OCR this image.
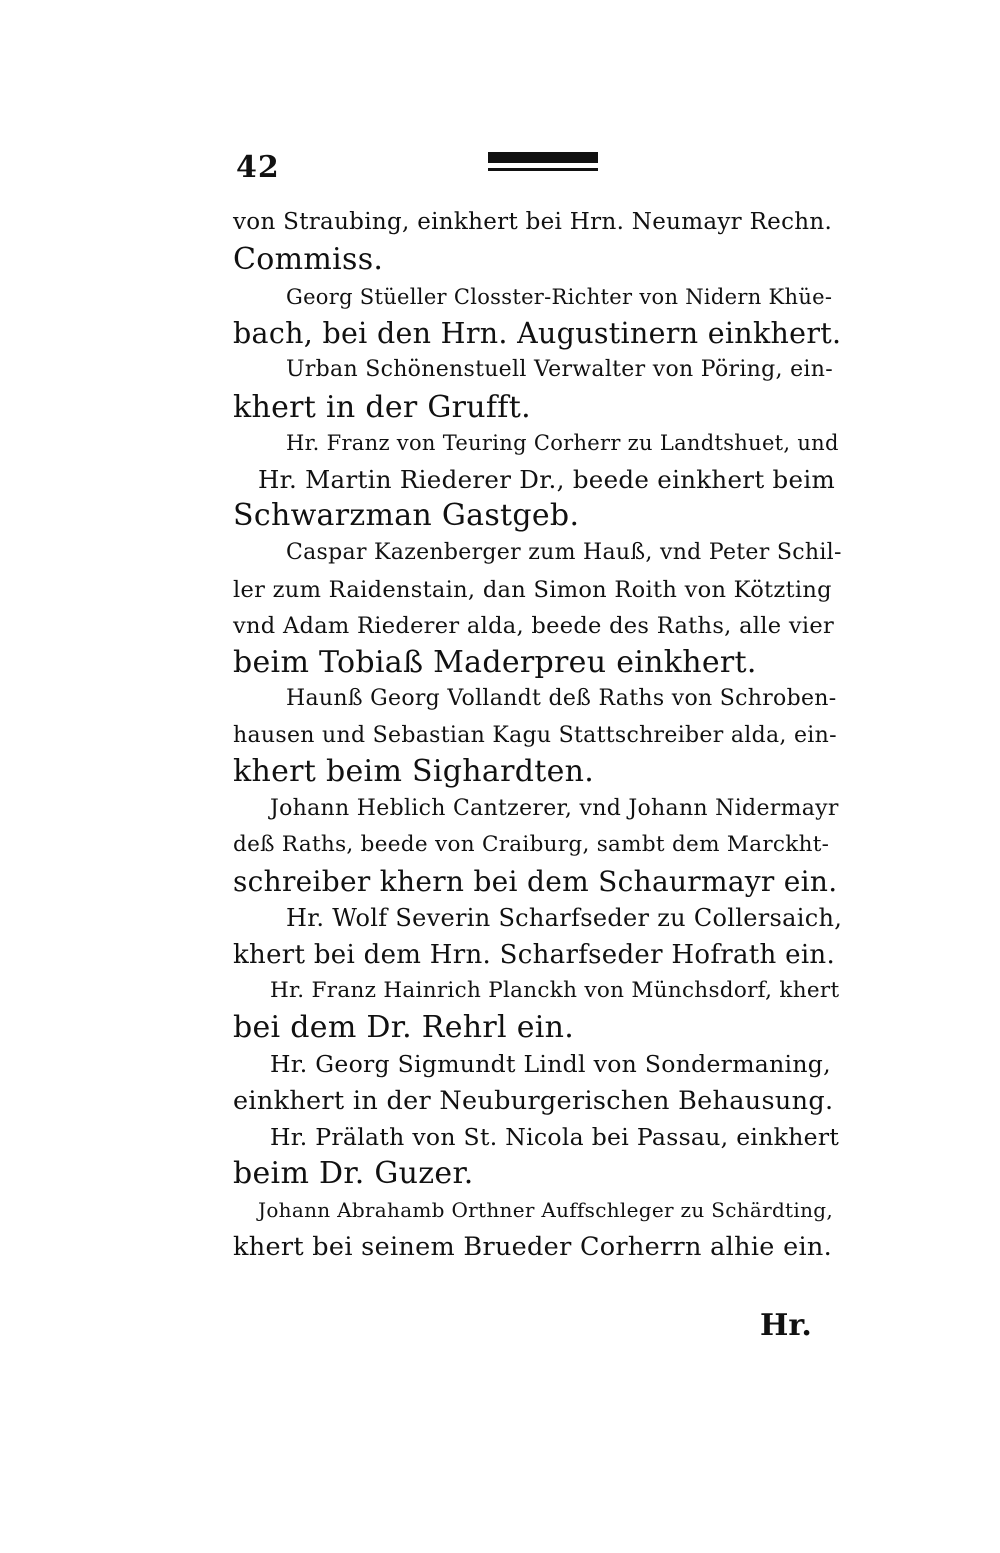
42
von Straubing, einkhert bei Hrn. Neumayr Rechn.
Commiss.
Georg Stüeller Closster-Richter von Nidern Khüe-
bach, bei den Hrn. Augustinern einkhert.
Urban Schönenstuell Verwalter von Pöring, ein-
khert in der Grufft.
Hr. Franz von Teuring Corherr zu Landtshuet, und
Hr. Martin Riederer Dr., beede einkhert beim
Schwarzman Gastgeb.
Caspar Kazenberger zum Hauß, vnd Peter Schil-
ler zum Raidenstain, dan Simon Roith von Kötzting
vnd Adam Riederer alda, beede des Raths, alle vier
beim Tobiaß Maderpreu einkhert.
Haunß Georg Vollandt deß Raths von Schroben-
hausen und Sebastian Kagu Stattschreiber alda, ein-
khert beim Sighardten.
Johann Heblich Cantzerer, vnd Johann Nidermayr
deß Raths, beede von Craiburg, sambt dem Marckht-
schreiber khern bei dem Schaurmayr ein.
Hr. Wolf Severin Scharfseder zu Collersaich,
khert bei dem Hrn. Scharfseder Hofrath ein.
Hr. Franz Hainrich Planckh von Münchsdorf, khert
bei dem Dr. Rehrl ein.
Hr. Georg Sigmundt Lindl von Sondermaning,
einkhert in der Neuburgerischen Behausung.
Hr. Prälath von St. Nicola bei Passau, einkhert
beim Dr. Guzer.
Johann Abrahamb Orthner Auffschleger zu Schärdting,
khert bei seinem Brueder Corherrn alhie ein.
Hr.
